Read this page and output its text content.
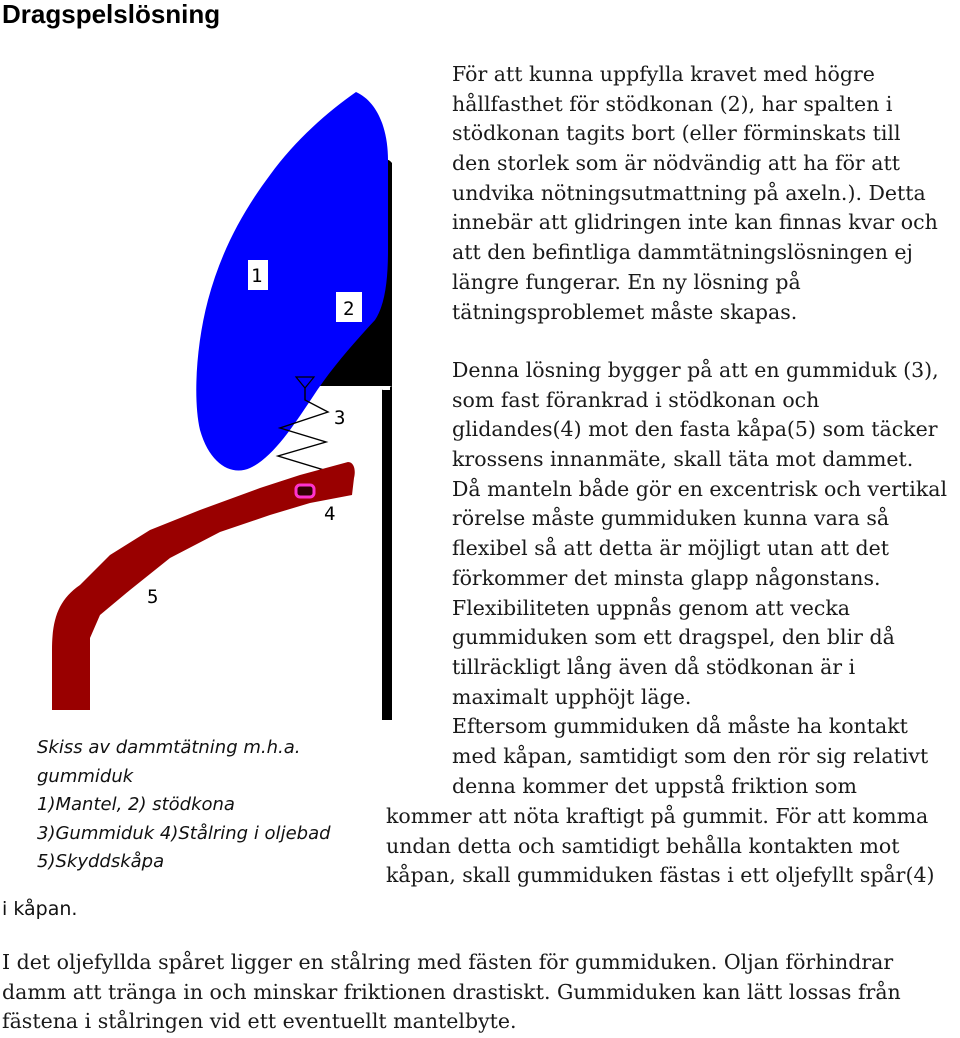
Dragspelslösning
1
2
3
4
5
För att kunna uppfylla kravet med högre
hållfasthet för stödkonan (2), har spalten i
stödkonan tagits bort (eller förminskats till
den storlek som är nödvändig att ha för att
undvika nötningsutmattning på axeln.). Detta
innebär att glidringen inte kan finnas kvar och
att den befintliga dammtätningslösningen ej
längre fungerar. En ny lösning på
tätningsproblemet måste skapas.
Denna lösning bygger på att en gummiduk (3),
som fast förankrad i stödkonan och
glidandes(4) mot den fasta kåpa(5) som täcker
krossens innanmäte, skall täta mot dammet.
Då manteln både gör en excentrisk och vertikal
rörelse måste gummiduken kunna vara så
flexibel så att detta är möjligt utan att det
förkommer det minsta glapp någonstans.
Flexibiliteten uppnås genom att vecka
gummiduken som ett dragspel, den blir då
tillräckligt lång även då stödkonan är i
maximalt upphöjt läge.
Eftersom gummiduken då måste ha kontakt
med kåpan, samtidigt som den rör sig relativt
denna kommer det uppstå friktion som
kommer att nöta kraftigt på gummit. För att komma
undan detta och samtidigt behålla kontakten mot
kåpan, skall gummiduken fästas i ett oljefyllt spår(4)
Skiss av dammtätning m.h.a.
gummiduk
1)Mantel, 2) stödkona
3)Gummiduk 4)Stålring i oljebad
5)Skyddskåpa
i kåpan.
I det oljefyllda spåret ligger en stålring med fästen för gummiduken. Oljan förhindrar
damm att tränga in och minskar friktionen drastiskt. Gummiduken kan lätt lossas från
fästena i stålringen vid ett eventuellt mantelbyte.
